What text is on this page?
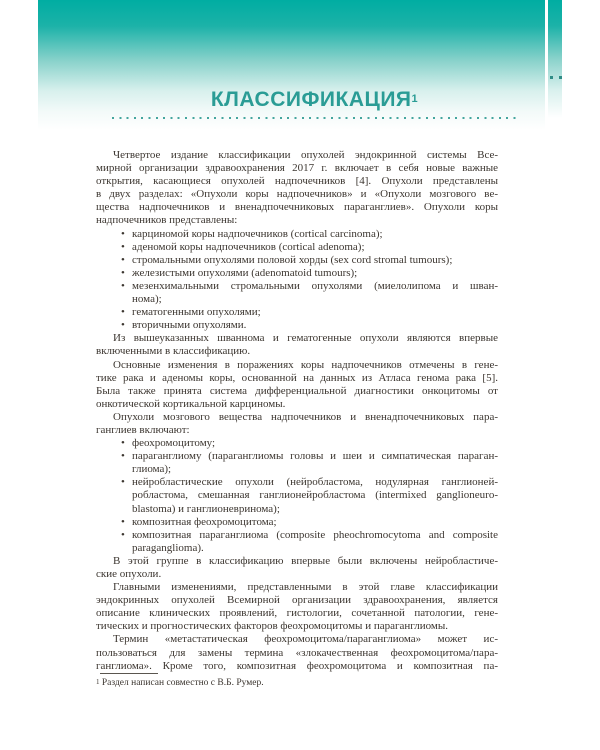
КЛАССИФИКАЦИЯ$^1$
Четвертое издание классификации опухолей эндокринной системы Все-
мирной организации здравоохранения 2017 г. включает в себя новые важные
открытия, касающиеся опухолей надпочечников [4]. Опухоли представлены
в двух разделах: «Опухоли коры надпочечников» и «Опухоли мозгового ве-
щества надпочечников и вненадпочечниковых параганглиев». Опухоли коры
надпочечников представлены:
• карциномой коры надпочечников (cortical carcinoma);
• аденомой коры надпочечников (cortical adenoma);
• стромальными опухолями половой хорды (sex cord stromal tumours);
• железистыми опухолями (adenomatoid tumours);
• мезенхимальными стромальными опухолями (миелолипома и шван-
нома);
• гематогенными опухолями;
• вторичными опухолями.
Из вышеуказанных шваннома и гематогенные опухоли являются впервые
включенными в классификацию.
Основные изменения в поражениях коры надпочечников отмечены в гене-
тике рака и аденомы коры, основанной на данных из Атласа генома рака [5].
Была также принята система дифференциальной диагностики онкоцитомы от
онкотической кортикальной карциномы.
Опухоли мозгового вещества надпочечников и вненадпочечниковых пара-
ганглиев включают:
• феохромоцитому;
• параганглиому (параганглиомы головы и шеи и симпатическая параган-
глиома);
• нейробластические опухоли (нейробластома, нодулярная ганглионей-
робластома, смешанная ганглионейробластома (intermixed ganglioneuro-
blastoma) и ганглионевринома);
• композитная феохромоцитома;
• композитная параганглиома (composite pheochromocytoma and composite
paraganglioma).
В этой группе в классификацию впервые были включены нейробластиче-
ские опухоли.
Главными изменениями, представленными в этой главе классификации
эндокринных опухолей Всемирной организации здравоохранения, является
описание клинических проявлений, гистологии, сочетанной патологии, гене-
тических и прогностических факторов феохромоцитомы и параганглиомы.
Термин «метастатическая феохромоцитома/параганглиома» может ис-
пользоваться для замены термина «злокачественная феохромоцитома/пара-
ганглиома». Кроме того, композитная феохромоцитома и композитная па-
$^1$ Раздел написан совместно с В.Б. Румер.
